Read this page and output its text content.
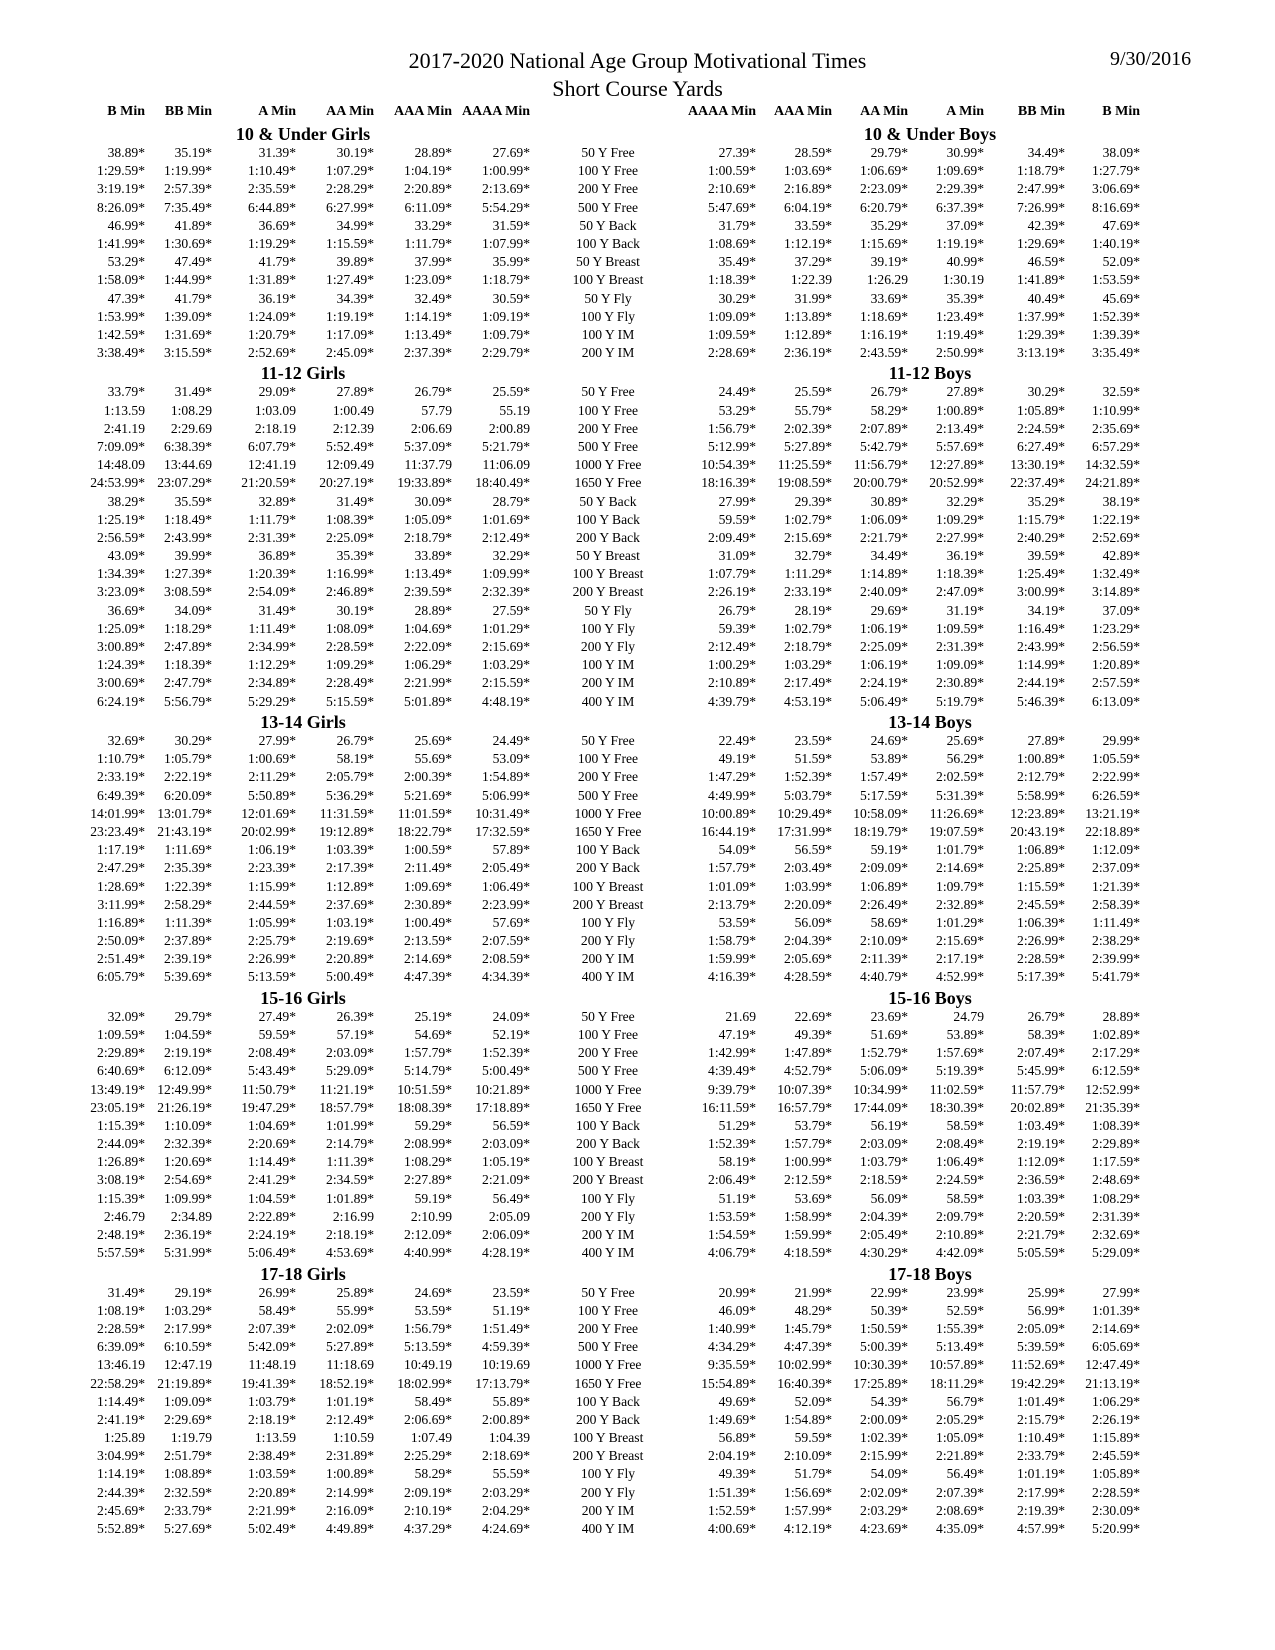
2017-2020 National Age Group Motivational Times
Short Course Yards
9/30/2016
B Min	BB Min	A Min	AA Min	AAA Min AAAA Min	AAAA Min	AAA Min	AA Min	A Min	BB Min	B Min
10 & Under Girls	10 & Under Boys
38.89*	35.19*	31.39*	30.19*	28.89*	27.69*	50 Y Free	27.39*	28.59*	29.79*	30.99*	34.49*	38.09*
1:29.59*	1:19.99*	1:10.49*	1:07.29*	1:04.19*	1:00.99*	100 Y Free	1:00.59*	1:03.69*	1:06.69*	1:09.69*	1:18.79*	1:27.79*
3:19.19*	2:57.39*	2:35.59*	2:28.29*	2:20.89*	2:13.69*	200 Y Free	2:10.69*	2:16.89*	2:23.09*	2:29.39*	2:47.99*	3:06.69*
8:26.09*	7:35.49*	6:44.89*	6:27.99*	6:11.09*	5:54.29*	500 Y Free	5:47.69*	6:04.19*	6:20.79*	6:37.39*	7:26.99*	8:16.69*
46.99*	41.89*	36.69*	34.99*	33.29*	31.59*	50 Y Back	31.79*	33.59*	35.29*	37.09*	42.39*	47.69*
1:41.99*	1:30.69*	1:19.29*	1:15.59*	1:11.79*	1:07.99*	100 Y Back	1:08.69*	1:12.19*	1:15.69*	1:19.19*	1:29.69*	1:40.19*
53.29*	47.49*	41.79*	39.89*	37.99*	35.99*	50 Y Breast	35.49*	37.29*	39.19*	40.99*	46.59*	52.09*
1:58.09*	1:44.99*	1:31.89*	1:27.49*	1:23.09*	1:18.79*	100 Y Breast	1:18.39*	1:22.39	1:26.29	1:30.19	1:41.89*	1:53.59*
47.39*	41.79*	36.19*	34.39*	32.49*	30.59*	50 Y Fly	30.29*	31.99*	33.69*	35.39*	40.49*	45.69*
1:53.99*	1:39.09*	1:24.09*	1:19.19*	1:14.19*	1:09.19*	100 Y Fly	1:09.09*	1:13.89*	1:18.69*	1:23.49*	1:37.99*	1:52.39*
1:42.59*	1:31.69*	1:20.79*	1:17.09*	1:13.49*	1:09.79*	100 Y IM	1:09.59*	1:12.89*	1:16.19*	1:19.49*	1:29.39*	1:39.39*
3:38.49*	3:15.59*	2:52.69*	2:45.09*	2:37.39*	2:29.79*	200 Y IM	2:28.69*	2:36.19*	2:43.59*	2:50.99*	3:13.19*	3:35.49*
11-12 Girls	11-12 Boys
33.79*	31.49*	29.09*	27.89*	26.79*	25.59*	50 Y Free	24.49*	25.59*	26.79*	27.89*	30.29*	32.59*
1:13.59	1:08.29	1:03.09	1:00.49	57.79	55.19	100 Y Free	53.29*	55.79*	58.29*	1:00.89*	1:05.89*	1:10.99*
2:41.19	2:29.69	2:18.19	2:12.39	2:06.69	2:00.89	200 Y Free	1:56.79*	2:02.39*	2:07.89*	2:13.49*	2:24.59*	2:35.69*
7:09.09*	6:38.39*	6:07.79*	5:52.49*	5:37.09*	5:21.79*	500 Y Free	5:12.99*	5:27.89*	5:42.79*	5:57.69*	6:27.49*	6:57.29*
14:48.09	13:44.69	12:41.19	12:09.49	11:37.79	11:06.09	1000 Y Free	10:54.39*	11:25.59*	11:56.79*	12:27.89*	13:30.19*	14:32.59*
24:53.99* 23:07.29*	21:20.59*	20:27.19*	19:33.89*	18:40.49*	1650 Y Free	18:16.39*	19:08.59*	20:00.79*	20:52.99*	22:37.49*	24:21.89*
38.29*	35.59*	32.89*	31.49*	30.09*	28.79*	50 Y Back	27.99*	29.39*	30.89*	32.29*	35.29*	38.19*
1:25.19*	1:18.49*	1:11.79*	1:08.39*	1:05.09*	1:01.69*	100 Y Back	59.59*	1:02.79*	1:06.09*	1:09.29*	1:15.79*	1:22.19*
2:56.59*	2:43.99*	2:31.39*	2:25.09*	2:18.79*	2:12.49*	200 Y Back	2:09.49*	2:15.69*	2:21.79*	2:27.99*	2:40.29*	2:52.69*
43.09*	39.99*	36.89*	35.39*	33.89*	32.29*	50 Y Breast	31.09*	32.79*	34.49*	36.19*	39.59*	42.89*
1:34.39*	1:27.39*	1:20.39*	1:16.99*	1:13.49*	1:09.99*	100 Y Breast	1:07.79*	1:11.29*	1:14.89*	1:18.39*	1:25.49*	1:32.49*
3:23.09*	3:08.59*	2:54.09*	2:46.89*	2:39.59*	2:32.39*	200 Y Breast	2:26.19*	2:33.19*	2:40.09*	2:47.09*	3:00.99*	3:14.89*
36.69*	34.09*	31.49*	30.19*	28.89*	27.59*	50 Y Fly	26.79*	28.19*	29.69*	31.19*	34.19*	37.09*
1:25.09*	1:18.29*	1:11.49*	1:08.09*	1:04.69*	1:01.29*	100 Y Fly	59.39*	1:02.79*	1:06.19*	1:09.59*	1:16.49*	1:23.29*
3:00.89*	2:47.89*	2:34.99*	2:28.59*	2:22.09*	2:15.69*	200 Y Fly	2:12.49*	2:18.79*	2:25.09*	2:31.39*	2:43.99*	2:56.59*
1:24.39*	1:18.39*	1:12.29*	1:09.29*	1:06.29*	1:03.29*	100 Y IM	1:00.29*	1:03.29*	1:06.19*	1:09.09*	1:14.99*	1:20.89*
3:00.69*	2:47.79*	2:34.89*	2:28.49*	2:21.99*	2:15.59*	200 Y IM	2:10.89*	2:17.49*	2:24.19*	2:30.89*	2:44.19*	2:57.59*
6:24.19*	5:56.79*	5:29.29*	5:15.59*	5:01.89*	4:48.19*	400 Y IM	4:39.79*	4:53.19*	5:06.49*	5:19.79*	5:46.39*	6:13.09*
13-14 Girls	13-14 Boys
32.69*	30.29*	27.99*	26.79*	25.69*	24.49*	50 Y Free	22.49*	23.59*	24.69*	25.69*	27.89*	29.99*
1:10.79*	1:05.79*	1:00.69*	58.19*	55.69*	53.09*	100 Y Free	49.19*	51.59*	53.89*	56.29*	1:00.89*	1:05.59*
2:33.19*	2:22.19*	2:11.29*	2:05.79*	2:00.39*	1:54.89*	200 Y Free	1:47.29*	1:52.39*	1:57.49*	2:02.59*	2:12.79*	2:22.99*
6:49.39*	6:20.09*	5:50.89*	5:36.29*	5:21.69*	5:06.99*	500 Y Free	4:49.99*	5:03.79*	5:17.59*	5:31.39*	5:58.99*	6:26.59*
14:01.99* 13:01.79*	12:01.69*	11:31.59*	11:01.59*	10:31.49*	1000 Y Free	10:00.89*	10:29.49*	10:58.09*	11:26.69*	12:23.89*	13:21.19*
23:23.49* 21:43.19*	20:02.99*	19:12.89*	18:22.79*	17:32.59*	1650 Y Free	16:44.19*	17:31.99*	18:19.79*	19:07.59*	20:43.19*	22:18.89*
1:17.19*	1:11.69*	1:06.19*	1:03.39*	1:00.59*	57.89*	100 Y Back	54.09*	56.59*	59.19*	1:01.79*	1:06.89*	1:12.09*
2:47.29*	2:35.39*	2:23.39*	2:17.39*	2:11.49*	2:05.49*	200 Y Back	1:57.79*	2:03.49*	2:09.09*	2:14.69*	2:25.89*	2:37.09*
1:28.69*	1:22.39*	1:15.99*	1:12.89*	1:09.69*	1:06.49*	100 Y Breast	1:01.09*	1:03.99*	1:06.89*	1:09.79*	1:15.59*	1:21.39*
3:11.99*	2:58.29*	2:44.59*	2:37.69*	2:30.89*	2:23.99*	200 Y Breast	2:13.79*	2:20.09*	2:26.49*	2:32.89*	2:45.59*	2:58.39*
1:16.89*	1:11.39*	1:05.99*	1:03.19*	1:00.49*	57.69*	100 Y Fly	53.59*	56.09*	58.69*	1:01.29*	1:06.39*	1:11.49*
2:50.09*	2:37.89*	2:25.79*	2:19.69*	2:13.59*	2:07.59*	200 Y Fly	1:58.79*	2:04.39*	2:10.09*	2:15.69*	2:26.99*	2:38.29*
2:51.49*	2:39.19*	2:26.99*	2:20.89*	2:14.69*	2:08.59*	200 Y IM	1:59.99*	2:05.69*	2:11.39*	2:17.19*	2:28.59*	2:39.99*
6:05.79*	5:39.69*	5:13.59*	5:00.49*	4:47.39*	4:34.39*	400 Y IM	4:16.39*	4:28.59*	4:40.79*	4:52.99*	5:17.39*	5:41.79*
15-16 Girls	15-16 Boys
32.09*	29.79*	27.49*	26.39*	25.19*	24.09*	50 Y Free	21.69	22.69*	23.69*	24.79	26.79*	28.89*
1:09.59*	1:04.59*	59.59*	57.19*	54.69*	52.19*	100 Y Free	47.19*	49.39*	51.69*	53.89*	58.39*	1:02.89*
2:29.89*	2:19.19*	2:08.49*	2:03.09*	1:57.79*	1:52.39*	200 Y Free	1:42.99*	1:47.89*	1:52.79*	1:57.69*	2:07.49*	2:17.29*
6:40.69*	6:12.09*	5:43.49*	5:29.09*	5:14.79*	5:00.49*	500 Y Free	4:39.49*	4:52.79*	5:06.09*	5:19.39*	5:45.99*	6:12.59*
13:49.19* 12:49.99*	11:50.79*	11:21.19*	10:51.59*	10:21.89*	1000 Y Free	9:39.79*	10:07.39*	10:34.99*	11:02.59*	11:57.79*	12:52.99*
23:05.19* 21:26.19*	19:47.29*	18:57.79*	18:08.39*	17:18.89*	1650 Y Free	16:11.59*	16:57.79*	17:44.09*	18:30.39*	20:02.89*	21:35.39*
1:15.39*	1:10.09*	1:04.69*	1:01.99*	59.29*	56.59*	100 Y Back	51.29*	53.79*	56.19*	58.59*	1:03.49*	1:08.39*
2:44.09*	2:32.39*	2:20.69*	2:14.79*	2:08.99*	2:03.09*	200 Y Back	1:52.39*	1:57.79*	2:03.09*	2:08.49*	2:19.19*	2:29.89*
1:26.89*	1:20.69*	1:14.49*	1:11.39*	1:08.29*	1:05.19*	100 Y Breast	58.19*	1:00.99*	1:03.79*	1:06.49*	1:12.09*	1:17.59*
3:08.19*	2:54.69*	2:41.29*	2:34.59*	2:27.89*	2:21.09*	200 Y Breast	2:06.49*	2:12.59*	2:18.59*	2:24.59*	2:36.59*	2:48.69*
1:15.39*	1:09.99*	1:04.59*	1:01.89*	59.19*	56.49*	100 Y Fly	51.19*	53.69*	56.09*	58.59*	1:03.39*	1:08.29*
2:46.79	2:34.89	2:22.89*	2:16.99	2:10.99	2:05.09	200 Y Fly	1:53.59*	1:58.99*	2:04.39*	2:09.79*	2:20.59*	2:31.39*
2:48.19*	2:36.19*	2:24.19*	2:18.19*	2:12.09*	2:06.09*	200 Y IM	1:54.59*	1:59.99*	2:05.49*	2:10.89*	2:21.79*	2:32.69*
5:57.59*	5:31.99*	5:06.49*	4:53.69*	4:40.99*	4:28.19*	400 Y IM	4:06.79*	4:18.59*	4:30.29*	4:42.09*	5:05.59*	5:29.09*
17-18 Girls	17-18 Boys
31.49*	29.19*	26.99*	25.89*	24.69*	23.59*	50 Y Free	20.99*	21.99*	22.99*	23.99*	25.99*	27.99*
1:08.19*	1:03.29*	58.49*	55.99*	53.59*	51.19*	100 Y Free	46.09*	48.29*	50.39*	52.59*	56.99*	1:01.39*
2:28.59*	2:17.99*	2:07.39*	2:02.09*	1:56.79*	1:51.49*	200 Y Free	1:40.99*	1:45.79*	1:50.59*	1:55.39*	2:05.09*	2:14.69*
6:39.09*	6:10.59*	5:42.09*	5:27.89*	5:13.59*	4:59.39*	500 Y Free	4:34.29*	4:47.39*	5:00.39*	5:13.49*	5:39.59*	6:05.69*
13:46.19	12:47.19	11:48.19	11:18.69	10:49.19	10:19.69	1000 Y Free	9:35.59*	10:02.99*	10:30.39*	10:57.89*	11:52.69*	12:47.49*
22:58.29* 21:19.89*	19:41.39*	18:52.19*	18:02.99*	17:13.79*	1650 Y Free	15:54.89*	16:40.39*	17:25.89*	18:11.29*	19:42.29*	21:13.19*
1:14.49*	1:09.09*	1:03.79*	1:01.19*	58.49*	55.89*	100 Y Back	49.69*	52.09*	54.39*	56.79*	1:01.49*	1:06.29*
2:41.19*	2:29.69*	2:18.19*	2:12.49*	2:06.69*	2:00.89*	200 Y Back	1:49.69*	1:54.89*	2:00.09*	2:05.29*	2:15.79*	2:26.19*
1:25.89	1:19.79	1:13.59	1:10.59	1:07.49	1:04.39	100 Y Breast	56.89*	59.59*	1:02.39*	1:05.09*	1:10.49*	1:15.89*
3:04.99*	2:51.79*	2:38.49*	2:31.89*	2:25.29*	2:18.69*	200 Y Breast	2:04.19*	2:10.09*	2:15.99*	2:21.89*	2:33.79*	2:45.59*
1:14.19*	1:08.89*	1:03.59*	1:00.89*	58.29*	55.59*	100 Y Fly	49.39*	51.79*	54.09*	56.49*	1:01.19*	1:05.89*
2:44.39*	2:32.59*	2:20.89*	2:14.99*	2:09.19*	2:03.29*	200 Y Fly	1:51.39*	1:56.69*	2:02.09*	2:07.39*	2:17.99*	2:28.59*
2:45.69*	2:33.79*	2:21.99*	2:16.09*	2:10.19*	2:04.29*	200 Y IM	1:52.59*	1:57.99*	2:03.29*	2:08.69*	2:19.39*	2:30.09*
5:52.89*	5:27.69*	5:02.49*	4:49.89*	4:37.29*	4:24.69*	400 Y IM	4:00.69*	4:12.19*	4:23.69*	4:35.09*	4:57.99*	5:20.99*
